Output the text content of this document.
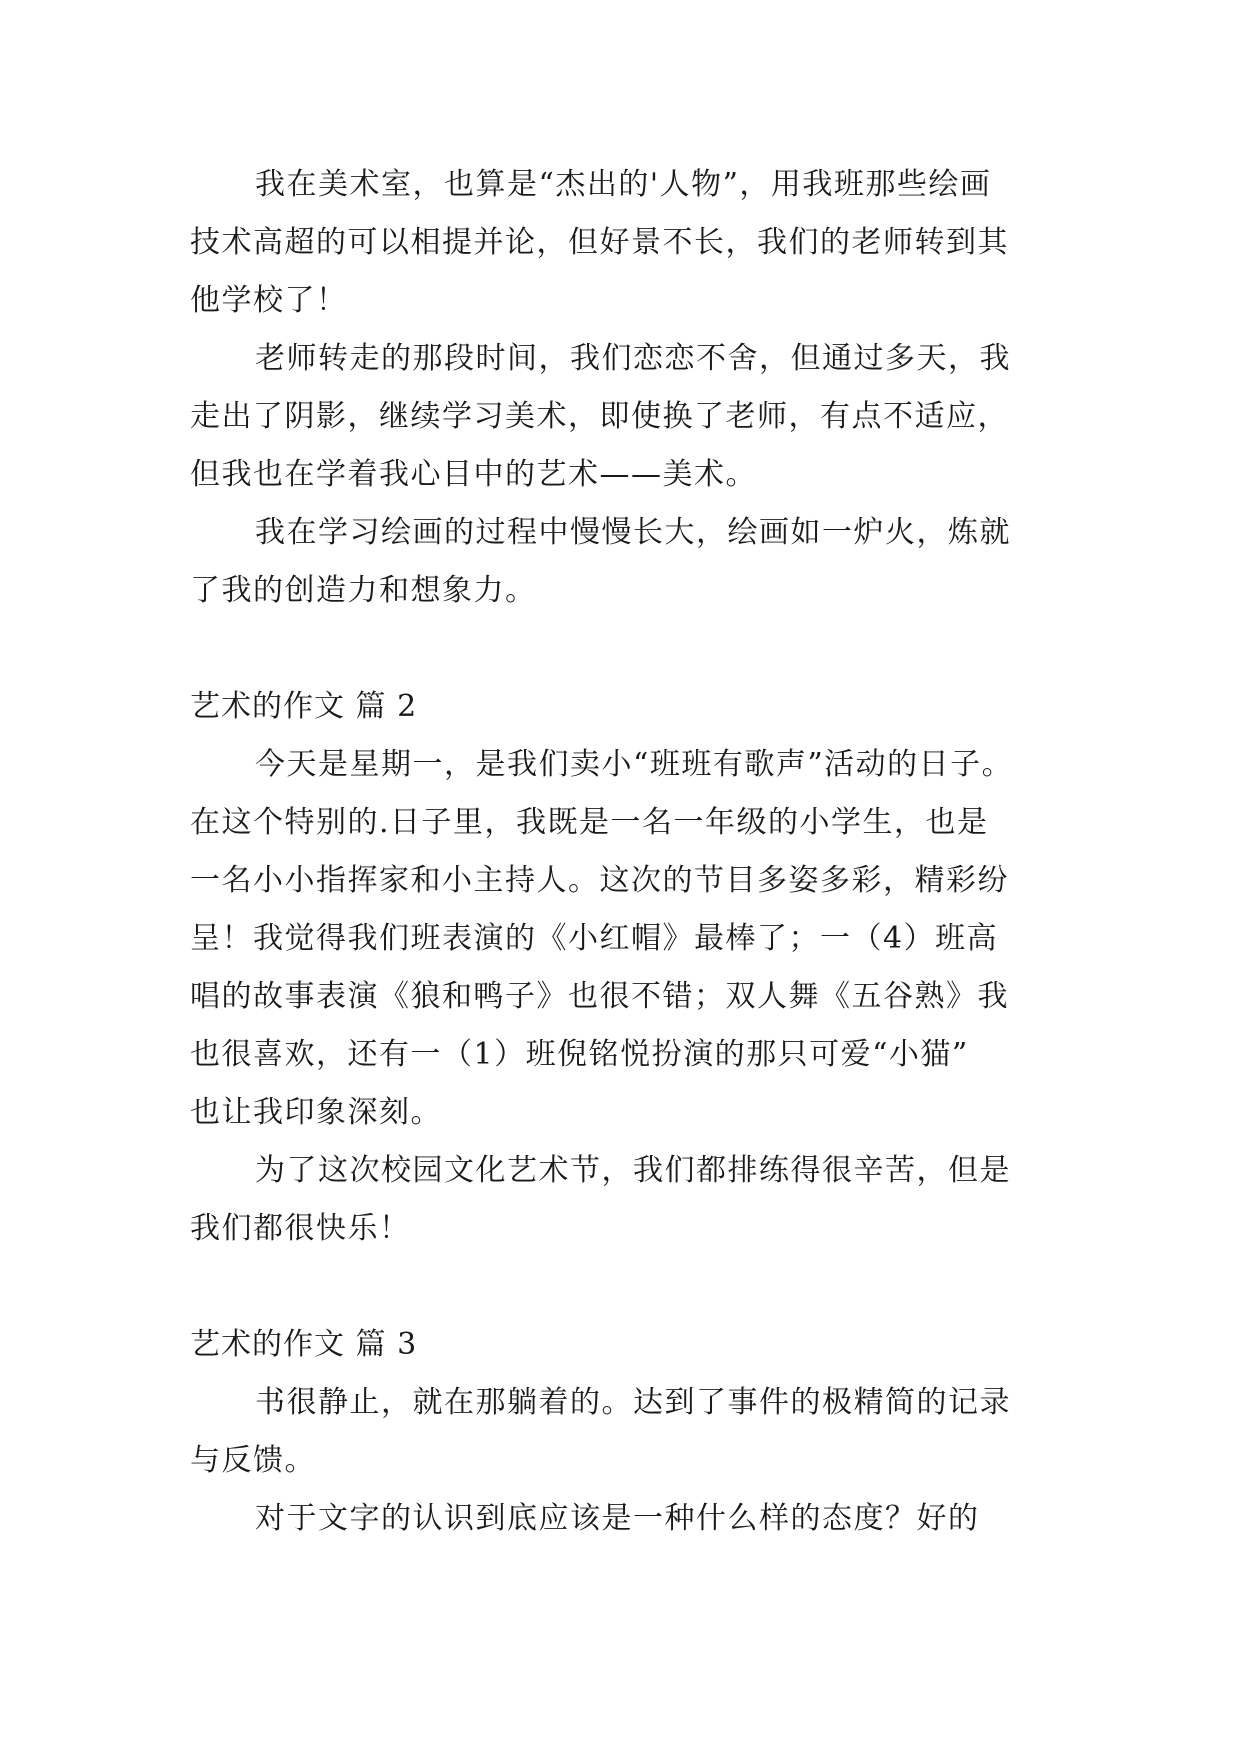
我在美术室，也算是“杰出的'人物”，用我班那些绘画
技术高超的可以相提并论，但好景不长，我们的老师转到其
他学校了！
老师转走的那段时间，我们恋恋不舍，但通过多天，我
走出了阴影，继续学习美术，即使换了老师，有点不适应，
但我也在学着我心目中的艺术——美术。
我在学习绘画的过程中慢慢长大，绘画如一炉火，炼就
了我的创造力和想象力。
艺术的作文 篇 2
今天是星期一，是我们卖小“班班有歌声”活动的日子。
在这个特别的.日子里，我既是一名一年级的小学生，也是
一名小小指挥家和小主持人。这次的节目多姿多彩，精彩纷
呈！我觉得我们班表演的《小红帽》最棒了；一（4）班高
唱的故事表演《狼和鸭子》也很不错；双人舞《五谷熟》我
也很喜欢，还有一（1）班倪铭悦扮演的那只可爱“小猫”
也让我印象深刻。
为了这次校园文化艺术节，我们都排练得很辛苦，但是
我们都很快乐！
艺术的作文 篇 3
书很静止，就在那躺着的。达到了事件的极精简的记录
与反馈。
对于文字的认识到底应该是一种什么样的态度？好的
